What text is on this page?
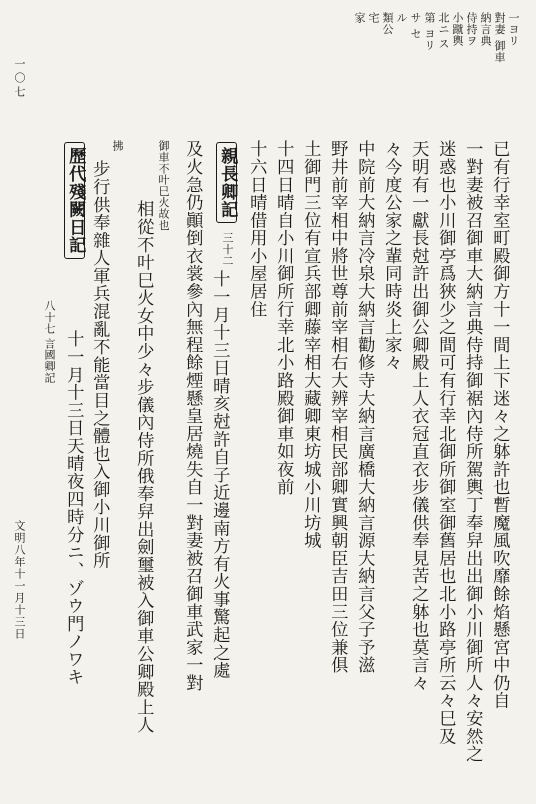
一〇七
文明八年十一月十三日
一ヨリ
對妻
御車
納言典
侍持ヲ
小蹴輿
北ニ
ス
第
ヨリ
サ
セ
ル
類公
宅
家
已有行幸室町殿御方十一間上下迷々之躰許也暫魔風吹靡餘焰懸宮中仍自
一對妻被召御車大納言典侍持御裾內侍所駕輿丁奉舁出出御小川御所人々安然之
迷惑也小川御亭爲狹少之間可有行幸北御所御室御舊居也北小路亭所云々巳及
天明有一獻長尅許出御公卿殿上人衣冠直衣步儀供奉見苦之躰也莫言々
々今度公家之輩同時炎上家々
中院前大納言冷泉大納言勸修寺大納言廣橋大納言源大納言父子予滋
野井前宰相中將世尊前宰相右大辨宰相民部卿實興朝臣吉田三位兼俱
土御門三位有宣兵部卿藤宰相大藏卿東坊城小川坊城
十四日晴自小川御所行幸北小路殿御車如夜前
十六日晴借用小屋居住
親長卿記
三十二
十一月十三日晴亥尅許自子近邊南方有火事驚起之處
及火急仍顚倒衣裳參內無程餘煙懸皇居燒失自一對妻被召御車武家一對
御車不叶巳火故也
相從不叶巳火女中少々步儀內侍所俄奉舁出劍璽被入御車公卿殿上人
拂
步行供奉雜人軍兵混亂不能當目之體也入御小川御所
歷代殘闕日記
八十七 言國卿記 十一月十三日天晴夜四時分ニ、ゾウ門ノワキ
